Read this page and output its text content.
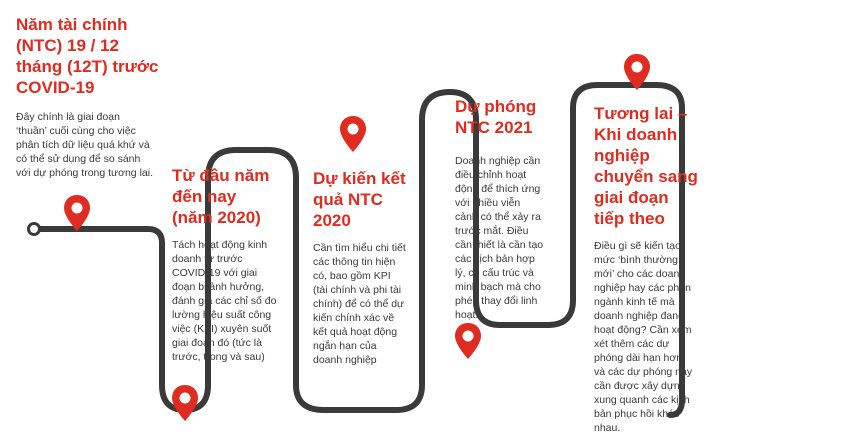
Năm tài chính
(NTC) 19 / 12
tháng (12T) trước
COVID-19
Đây chính là giai đoạn
‘thuần’ cuối cùng cho việc
phân tích dữ liệu quá khứ và
có thể sử dụng để so sánh
với dự phóng trong tương lai.	Từ đầu năm
đến nay
(năm 2020)
Tách hoạt động kinh
doanh từ trước
COVID-19 với giai
đoạn bị ảnh hưởng,
đánh giá các chỉ số đo
lường hiệu suất công
việc (KPI) xuyên suốt
giai đoạn đó (tức là
trước, trong và sau)
Dự kiến kết
quả NTC
2020
Cần tìm hiểu chi tiết
các thông tin hiện
có, bao gồm KPI
(tài chính và phi tài
chính) để có thể dự
kiến chính xác về
kết quả hoạt động
ngắn hạn của
doanh nghiệp
Dự phóng
NTC 2021
Doanh nghiệp cần
điều chỉnh hoạt
động để thích ứng
với nhiều viễn
cảnh có thể xảy ra
trước mắt. Điều
cần thiết là cần tạo
các kịch bản hợp
lý, có cấu trúc và
minh bạch mà cho
phép thay đổi linh
hoạt.
Tương lai –
Khi doanh
nghiệp
chuyển sang
giai đoạn
tiếp theo
Điều gì sẽ kiến tạo
mức ‘bình thường
mới’ cho các doanh
nghiệp hay các phân
ngành kinh tế mà
doanh nghiệp đang
hoạt động? Cần xem
xét thêm các dự
phóng dài hạn hơn
và các dự phóng này
cần được xây dựng
xung quanh các kịch
bản phục hồi khác
nhau.
